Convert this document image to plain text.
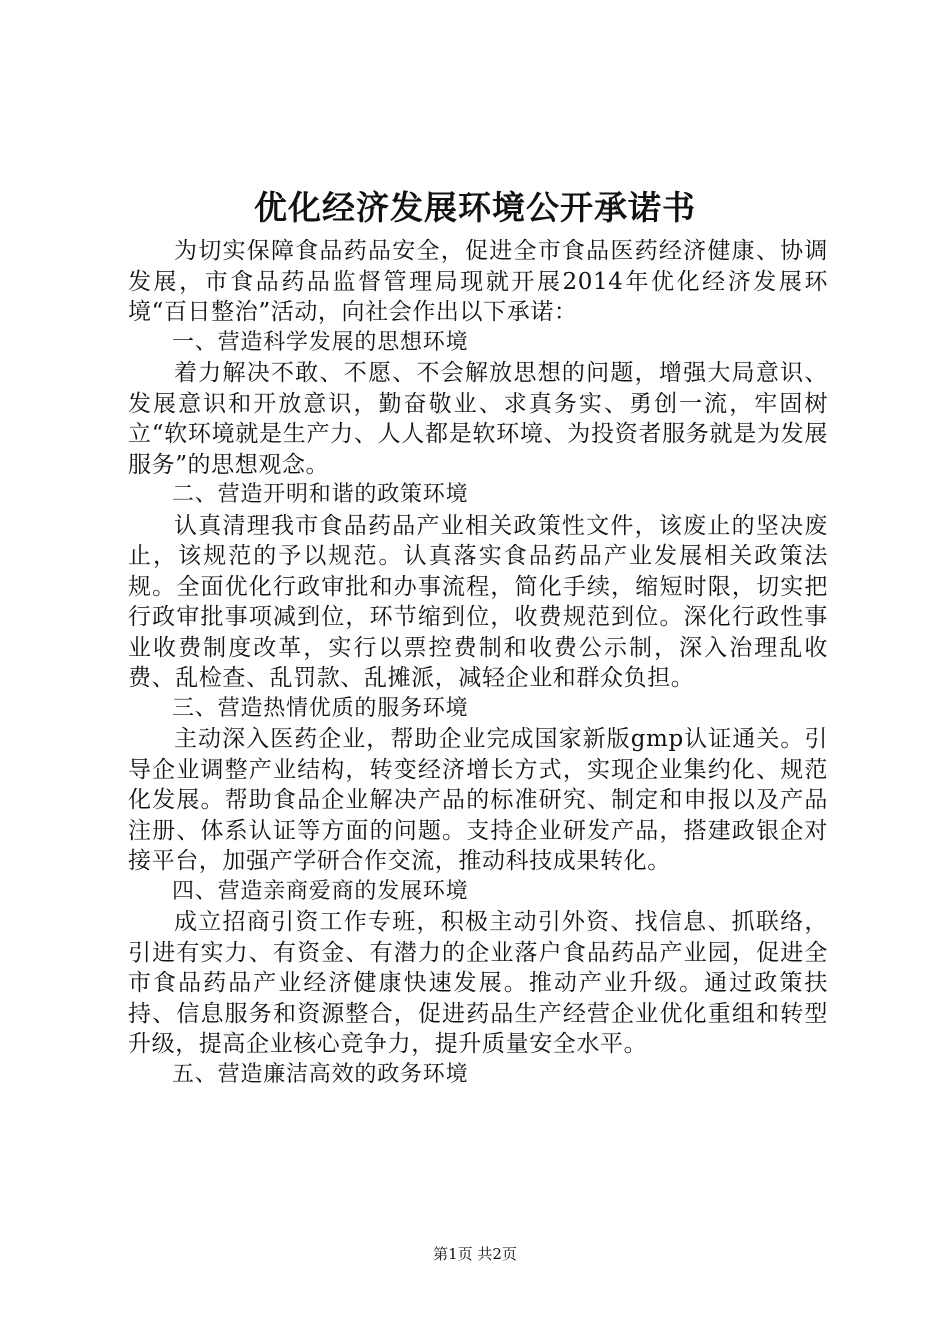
优化经济发展环境公开承诺书

为切实保障食品药品安全，促进全市食品医药经济健康、协调发展，市食品药品监督管理局现就开展2014年优化经济发展环境“百日整治”活动，向社会作出以下承诺：

一、营造科学发展的思想环境

着力解决不敢、不愿、不会解放思想的问题，增强大局意识、发展意识和开放意识，勤奋敬业、求真务实、勇创一流，牢固树立“软环境就是生产力、人人都是软环境、为投资者服务就是为发展服务”的思想观念。

二、营造开明和谐的政策环境

认真清理我市食品药品产业相关政策性文件，该废止的坚决废止，该规范的予以规范。认真落实食品药品产业发展相关政策法规。全面优化行政审批和办事流程，简化手续，缩短时限，切实把行政审批事项减到位，环节缩到位，收费规范到位。深化行政性事业收费制度改革，实行以票控费制和收费公示制，深入治理乱收费、乱检查、乱罚款、乱摊派，减轻企业和群众负担。

三、营造热情优质的服务环境

主动深入医药企业，帮助企业完成国家新版gmp认证通关。引导企业调整产业结构，转变经济增长方式，实现企业集约化、规范化发展。帮助食品企业解决产品的标准研究、制定和申报以及产品注册、体系认证等方面的问题。支持企业研发产品，搭建政银企对接平台，加强产学研合作交流，推动科技成果转化。

四、营造亲商爱商的发展环境

成立招商引资工作专班，积极主动引外资、找信息、抓联络，引进有实力、有资金、有潜力的企业落户食品药品产业园，促进全市食品药品产业经济健康快速发展。推动产业升级。通过政策扶持、信息服务和资源整合，促进药品生产经营企业优化重组和转型升级，提高企业核心竞争力，提升质量安全水平。

五、营造廉洁高效的政务环境

第1页 共2页
